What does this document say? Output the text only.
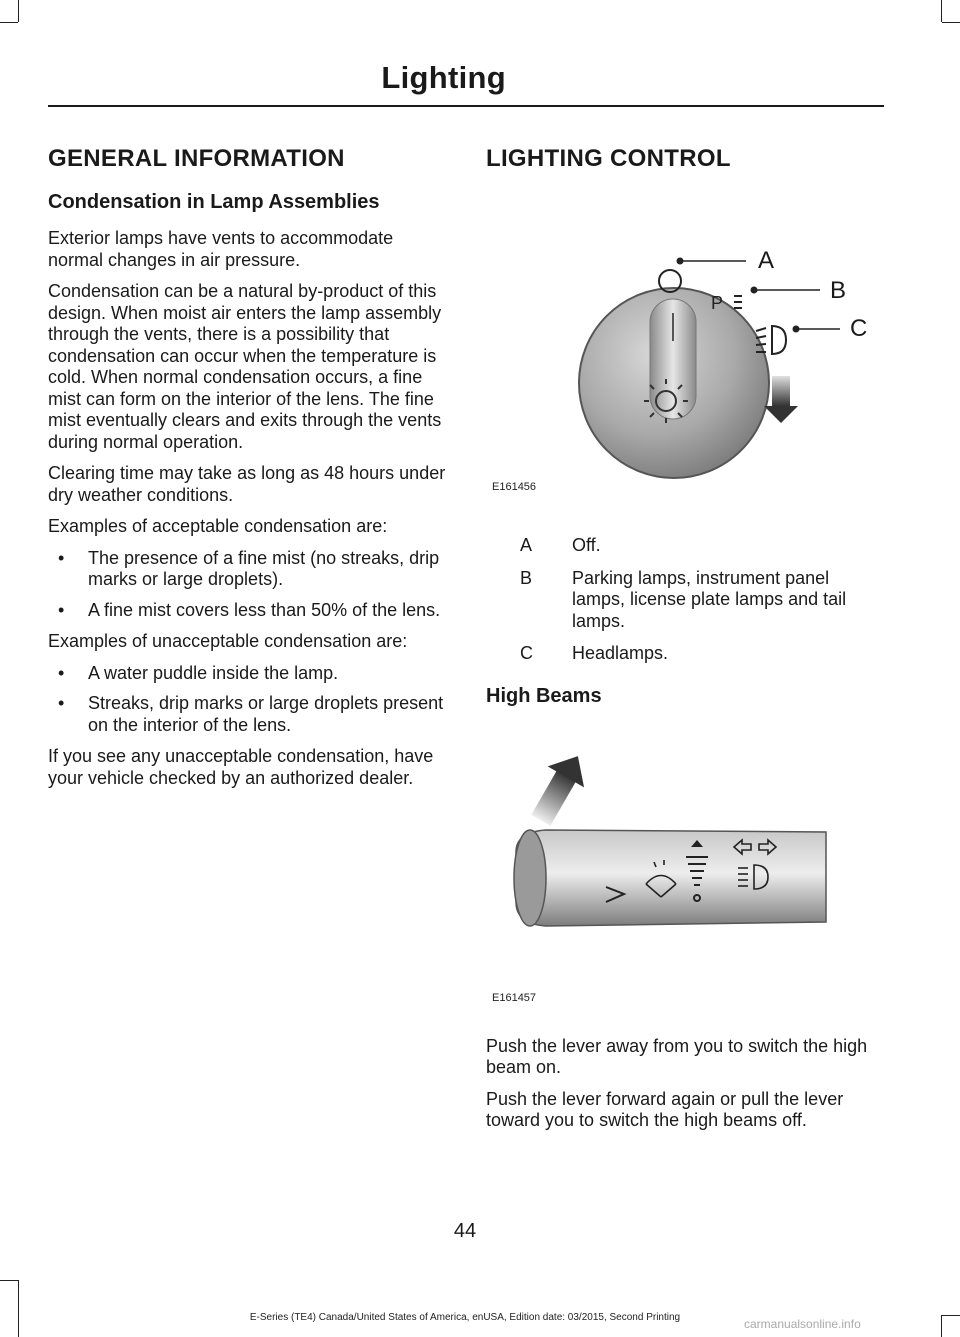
Lighting
GENERAL INFORMATION
Condensation in Lamp Assemblies

Exterior lamps have vents to accommodate normal changes in air pressure.

Condensation can be a natural by-product of this design. When moist air enters the lamp assembly through the vents, there is a possibility that condensation can occur when the temperature is cold. When normal condensation occurs, a fine mist can form on the interior of the lens. The fine mist eventually clears and exits through the vents during normal operation.

Clearing time may take as long as 48 hours under dry weather conditions.

Examples of acceptable condensation are:

• The presence of a fine mist (no streaks, drip marks or large droplets).
• A fine mist covers less than 50% of the lens.

Examples of unacceptable condensation are:

• A water puddle inside the lamp.
• Streaks, drip marks or large droplets present on the interior of the lens.

If you see any unacceptable condensation, have your vehicle checked by an authorized dealer.

LIGHTING CONTROL
P
A
B
C
E161456
A	Off.
B	Parking lamps, instrument panel lamps, license plate lamps and tail lamps.
C	Headlamps.
High Beams
E161457

Push the lever away from you to switch the high beam on.

Push the lever forward again or pull the lever toward you to switch the high beams off.

44
E-Series (TE4) Canada/United States of America, enUSA, Edition date: 03/2015, Second Printing	carmanualsonline.info
